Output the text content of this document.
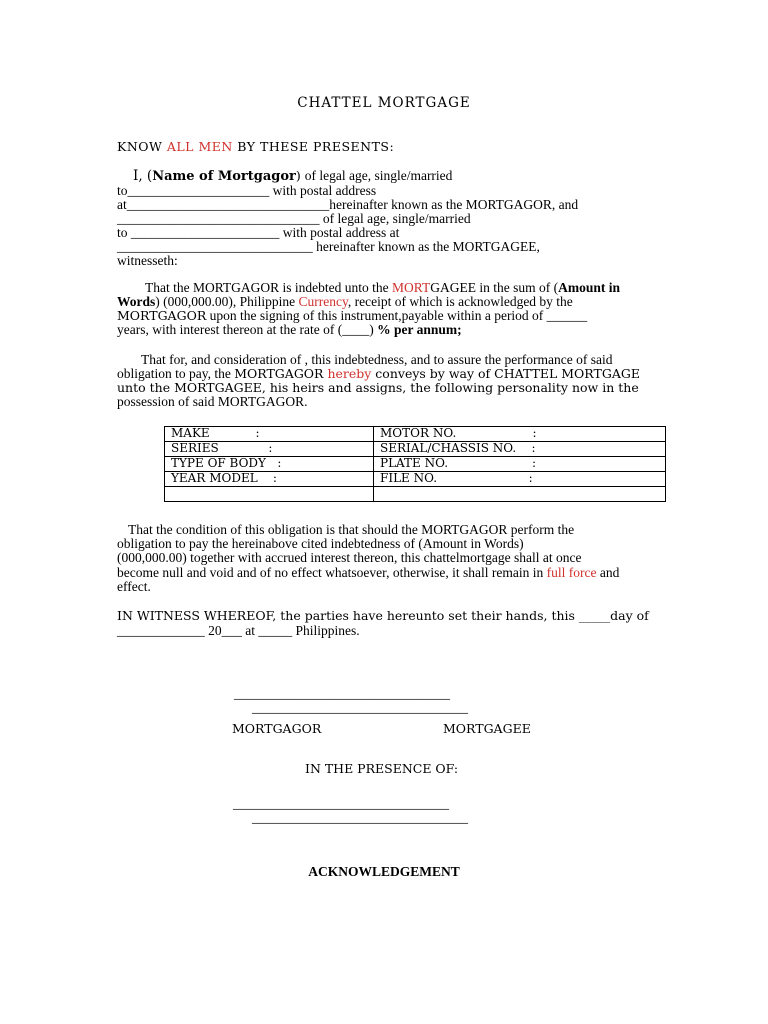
CHATTEL MORTGAGE
KNOW ALL MEN BY THESE PRESENTS:
I, (Name of Mortgagor) of legal age, single/married
to_____________________ with postal address
at______________________________hereinafter known as the MORTGAGOR, and
______________________________ of legal age, single/married
to ______________________ with postal address at
_____________________________ hereinafter known as the MORTGAGEE,
witnesseth:
That the MORTGAGOR is indebted unto the MORTGAGEE in the sum of (Amount in
Words) (000,000.00), Philippine Currency, receipt of which is acknowledged by the
MORTGAGOR upon the signing of this instrument,payable within a period of ______
years, with interest thereon at the rate of (____) % per annum;
That for, and consideration of , this indebtedness, and to assure the performance of said
obligation to pay, the MORTGAGOR hereby conveys by way of CHATTEL MORTGAGE
unto the MORTGAGEE, his heirs and assigns, the following personality now in the
possession of said MORTGAGOR.
MAKE            :	MOTOR NO.                    :
SERIES             :	SERIAL/CHASSIS NO.    :
TYPE OF BODY   :	PLATE NO.                      :
YEAR MODEL    :	FILE NO.                        :

That the condition of this obligation is that should the MORTGAGOR perform the
obligation to pay the hereinabove cited indebtedness of (Amount in Words)
(000,000.00) together with accrued interest thereon, this chattelmortgage shall at once
become null and void and of no effect whatsoever, otherwise, it shall remain in full force and
effect.
IN WITNESS WHEREOF, the parties have hereunto set their hands, this _____day of
_____________ 20___ at _____ Philippines.
________________________________
________________________________
MORTGAGOR	MORTGAGEE
IN THE PRESENCE OF:
________________________________
________________________________
ACKNOWLEDGEMENT
